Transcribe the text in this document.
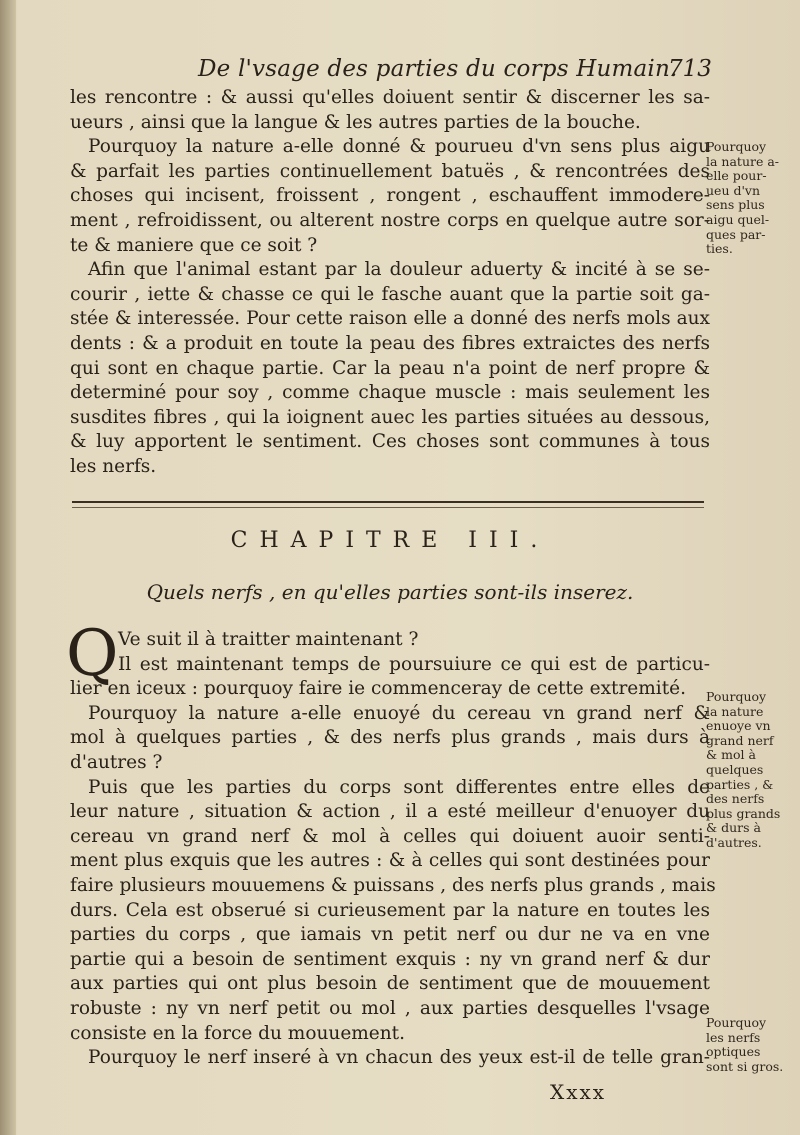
De l'vsage des parties du corps Humain.
713
les rencontre : & aussi qu'elles doiuent sentir & discerner les sa-
ueurs , ainsi que la langue & les autres parties de la bouche.
Pourquoy la nature a-elle donné & pourueu d'vn sens plus aigu
& parfait les parties continuellement batuës , & rencontrées des
choses qui incisent, froissent , rongent , eschauffent immodere-
ment , refroidissent, ou alterent nostre corps en quelque autre sor-
te & maniere que ce soit ?
Afin que l'animal estant par la douleur aduerty & incité à se se-
courir , iette & chasse ce qui le fasche auant que la partie soit ga-
stée & interessée. Pour cette raison elle a donné des nerfs mols aux
dents : & a produit en toute la peau des fibres extraictes des nerfs
qui sont en chaque partie. Car la peau n'a point de nerf propre &
determiné pour soy , comme chaque muscle : mais seulement les
susdites fibres , qui la ioignent auec les parties situées au dessous,
& luy apportent le sentiment. Ces choses sont communes à tous
les nerfs.
CHAPITRE III.
Quels nerfs , en qu'elles parties sont-ils inserez.
Q Ve suit il à traitter maintenant ?
Il est maintenant temps de poursuiure ce qui est de particu-
lier en iceux : pourquoy faire ie commenceray de cette extremité.
Pourquoy la nature a-elle enuoyé du cereau vn grand nerf &
mol à quelques parties , & des nerfs plus grands , mais durs à
d'autres ?
Puis que les parties du corps sont differentes entre elles de
leur nature , situation & action , il a esté meilleur d'enuoyer du
cereau vn grand nerf & mol à celles qui doiuent auoir senti-
ment plus exquis que les autres : & à celles qui sont destinées pour
faire plusieurs mouuemens & puissans , des nerfs plus grands , mais
durs. Cela est obserué si curieusement par la nature en toutes les
parties du corps , que iamais vn petit nerf ou dur ne va en vne
partie qui a besoin de sentiment exquis : ny vn grand nerf & dur
aux parties qui ont plus besoin de sentiment que de mouuement
robuste : ny vn nerf petit ou mol , aux parties desquelles l'vsage
consiste en la force du mouuement.
Pourquoy le nerf inseré à vn chacun des yeux est-il de telle gran-
Pourquoy
la nature a-
elle pour-
ueu d'vn
sens plus
aigu quel-
ques par-
ties.
Pourquoy
la nature
enuoye vn
grand nerf
& mol à
quelques
parties , &
des nerfs
plus grands
& durs à
d'autres.
Pourquoy
les nerfs
optiques
sont si gros.
Xxxx
